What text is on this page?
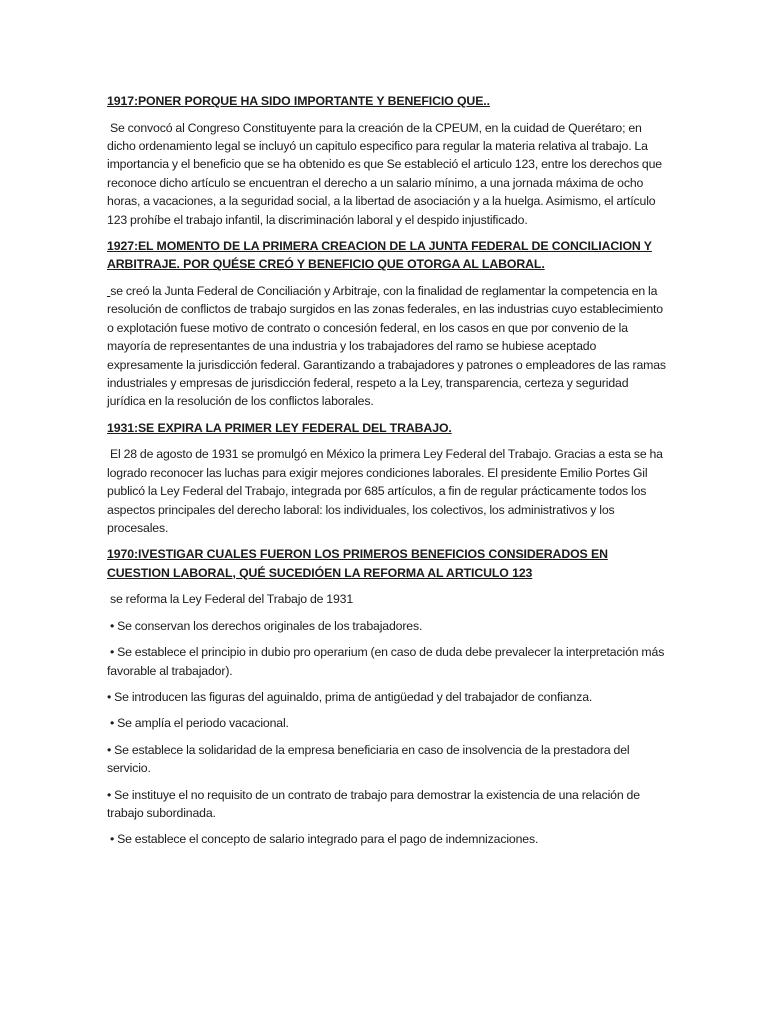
1917:PONER PORQUE HA SIDO IMPORTANTE Y BENEFICIO QUE..

Se convocó al Congreso Constituyente para la creación de la CPEUM, en la cuidad de Querétaro; en dicho ordenamiento legal se incluyó un capitulo especifico para regular la materia relativa al trabajo. La importancia y el beneficio que se ha obtenido es que Se estableció el articulo 123, entre los derechos que reconoce dicho artículo se encuentran el derecho a un salario mínimo, a una jornada máxima de ocho horas, a vacaciones, a la seguridad social, a la libertad de asociación y a la huelga. Asimismo, el artículo 123 prohíbe el trabajo infantil, la discriminación laboral y el despido injustificado.

1927:EL MOMENTO DE LA PRIMERA CREACION DE LA JUNTA FEDERAL DE CONCILIACION Y ARBITRAJE. POR QUÉSE CREÓ Y BENEFICIO QUE OTORGA AL LABORAL.

se creó la Junta Federal de Conciliación y Arbitraje, con la finalidad de reglamentar la competencia en la resolución de conflictos de trabajo surgidos en las zonas federales, en las industrias cuyo establecimiento o explotación fuese motivo de contrato o concesión federal, en los casos en que por convenio de la mayoría de representantes de una industria y los trabajadores del ramo se hubiese aceptado expresamente la jurisdicción federal. Garantizando a trabajadores y patrones o empleadores de las ramas industriales y empresas de jurisdicción federal, respeto a la Ley, transparencia, certeza y seguridad jurídica en la resolución de los conflictos laborales.

1931:SE EXPIRA LA PRIMER LEY FEDERAL DEL TRABAJO.

El 28 de agosto de 1931 se promulgó en México la primera Ley Federal del Trabajo. Gracias a esta se ha logrado reconocer las luchas para exigir mejores condiciones laborales. El presidente Emilio Portes Gil publicó la Ley Federal del Trabajo, integrada por 685 artículos, a fin de regular prácticamente todos los aspectos principales del derecho laboral: los individuales, los colectivos, los administrativos y los procesales.

1970:IVESTIGAR CUALES FUERON LOS PRIMEROS BENEFICIOS CONSIDERADOS EN CUESTION LABORAL, QUÉ SUCEDIÓEN LA REFORMA AL ARTICULO 123

se reforma la Ley Federal del Trabajo de 1931

• Se conservan los derechos originales de los trabajadores.

• Se establece el principio in dubio pro operarium (en caso de duda debe prevalecer la interpretación más favorable al trabajador).

• Se introducen las figuras del aguinaldo, prima de antigüedad y del trabajador de confianza.

• Se amplía el periodo vacacional.

• Se establece la solidaridad de la empresa beneficiaria en caso de insolvencia de la prestadora del servicio.

• Se instituye el no requisito de un contrato de trabajo para demostrar la existencia de una relación de trabajo subordinada.

• Se establece el concepto de salario integrado para el pago de indemnizaciones.
